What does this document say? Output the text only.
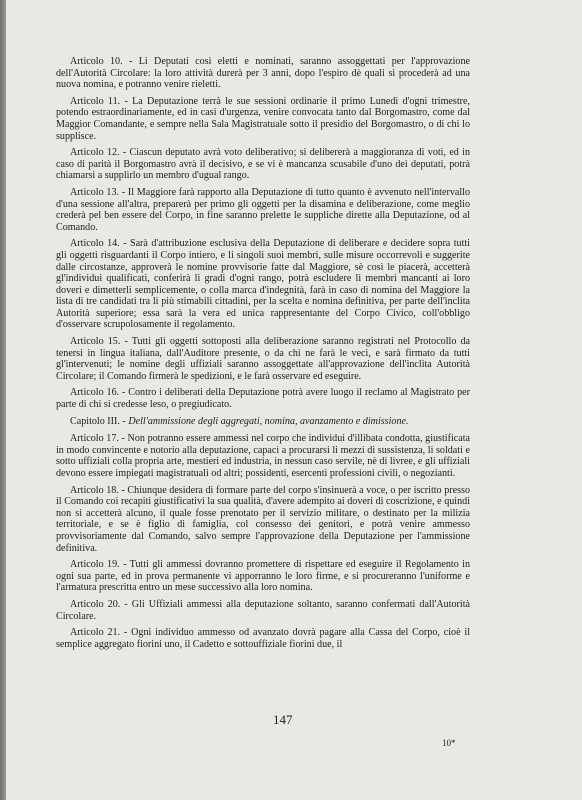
Articolo 10. - Li Deputati così eletti e nominati, saranno assoggettati per l'approvazione dell'Autorità Circolare: la loro attività durerà per 3 anni, dopo l'espiro dè quali si procederà ad una nuova nomina, e potranno venire rieletti.

Articolo 11. - La Deputazione terrà le sue sessioni ordinarie il primo Lunedì d'ogni trimestre, potendo estraordinariamente, ed in casi d'urgenza, venire convocata tanto dal Borgomastro, come dal Maggior Comandante, e sempre nella Sala Magistratuale sotto il presidio del Borgomastro, o di chi lo supplisce.

Articolo 12. - Ciascun deputato avrà voto deliberativo; si delibererà a maggioranza di voti, ed in caso di parità il Borgomastro avrà il decisivo, e se vi è mancanza scusabile d'uno dei deputati, potrà chiamarsi a supplirlo un membro d'ugual rango.

Articolo 13. - Il Maggiore farà rapporto alla Deputazione di tutto quanto è avvenuto nell'intervallo d'una sessione all'altra, preparerà per primo gli oggetti per la disamina e deliberazione, come meglio crederà pel ben essere del Corpo, in fine saranno prelette le suppliche dirette alla Deputazione, od al Comando.

Articolo 14. - Sarà d'attribuzione esclusiva della Deputazione di deliberare e decidere sopra tutti gli oggetti risguardanti il Corpo intiero, e li singoli suoi membri, sulle misure occorrevoli e suggerite dalle circostanze, approverà le nomine provvisorie fatte dal Maggiore, sè così le piacerà, accetterà gl'individui qualificati, conferirà li gradi d'ogni rango, potrà escludere li membri mancanti ai loro doveri e dimetterli semplicemente, o colla marca d'indegnità, farà in caso di nomina del Maggiore la lista di tre candidati tra li più stimabili cittadini, per la scelta e nomina definitiva, per parte dell'inclita Autorità superiore; essa sarà la vera ed unica rappresentante del Corpo Civico, coll'obbligo d'osservare scrupolosamente il regolamento.

Articolo 15. - Tutti gli oggetti sottoposti alla deliberazione saranno registrati nel Protocollo da tenersi in lingua italiana, dall'Auditore presente, o da chi ne farà le veci, e sarà firmato da tutti gl'intervenuti; le nomine degli uffiziali saranno assoggettate all'approvazione dell'inclita Autorità Circolare; il Comando firmerà le spedizioni, e le farà osservare ed eseguire.

Articolo 16. - Contro i deliberati della Deputazione potrà avere luogo il reclamo al Magistrato per parte di chi si credesse leso, o pregiudicato.

Capitolo III. - Dell'ammissione degli aggregati, nomina, avanzamento e dimissione.

Articolo 17. - Non potranno essere ammessi nel corpo che individui d'illibata condotta, giustificata in modo convincente e notorio alla deputazione, capaci a procurarsi li mezzi di sussistenza, li soldati e sotto uffiziali colla propria arte, mestieri ed industria, in nessun caso servile, nè di livree, e gli uffiziali devono essere impiegati magistratuali od altri; possidenti, esercenti professioni civili, o negozianti.

Articolo 18. - Chiunque desidera di formare parte del corpo s'insinuerà a voce, o per iscritto presso il Comando coi recapiti giustificativi la sua qualità, d'avere adempito ai doveri di coscrizione, e quindi non si accetterà alcuno, il quale fosse prenotato per il servizio militare, o destinato per la milizia territoriale, e se è figlio di famiglia, col consesso dei genitori, e potrà venire ammesso provvisoriamente dal Comando, salvo sempre l'approvazione della Deputazione per l'ammissione definitiva.

Articolo 19. - Tutti gli ammessi dovranno promettere di rispettare ed eseguire il Regolamento in ogni sua parte, ed in prova permanente vi apporranno le loro firme, e si procureranno l'uniforme e l'armatura prescritta entro un mese successivo alla loro nomina.

Articolo 20. - Gli Uffiziali ammessi alla deputazione soltanto, saranno confermati dall'Autorità Circolare.

Articolo 21. - Ogni individuo ammesso od avanzato dovrà pagare alla Cassa del Corpo, cioè il semplice aggregato fiorini uno, il Cadetto e sottouffiziale fiorini due, il

147
10*
